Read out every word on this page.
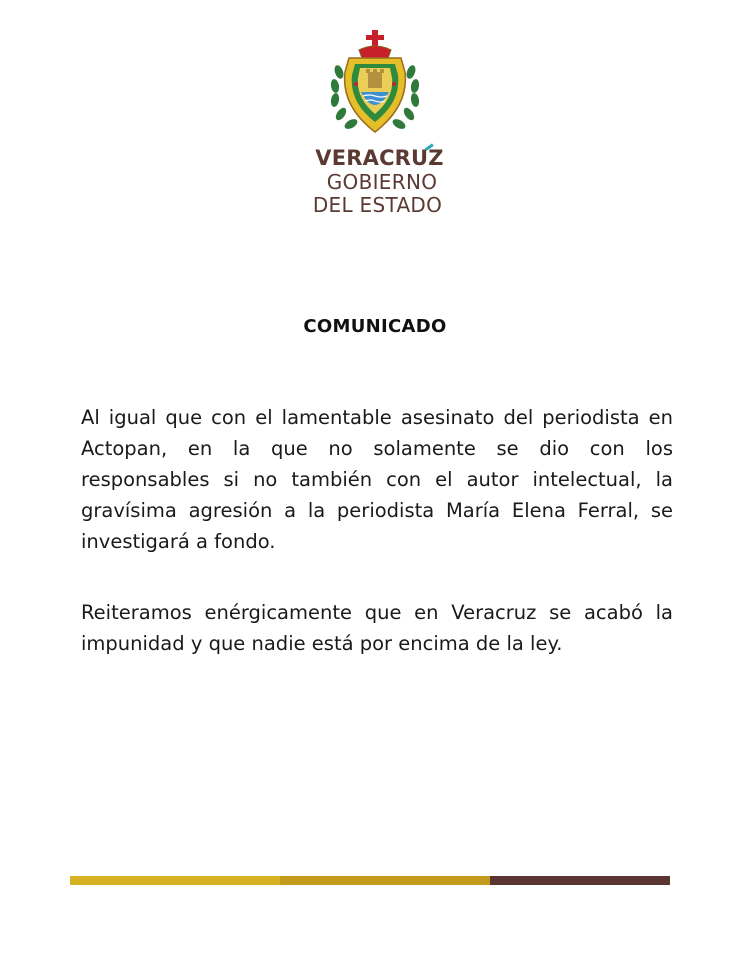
VERACRUZ
GOBIERNO
DEL ESTADO
COMUNICADO

Al igual que con el lamentable asesinato del periodista en Actopan, en la que no solamente se dio con los responsables si no también con el autor intelectual, la gravísima agresión a la periodista María Elena Ferral, se investigará a fondo.

Reiteramos enérgicamente que en Veracruz se acabó la impunidad y que nadie está por encima de la ley.
